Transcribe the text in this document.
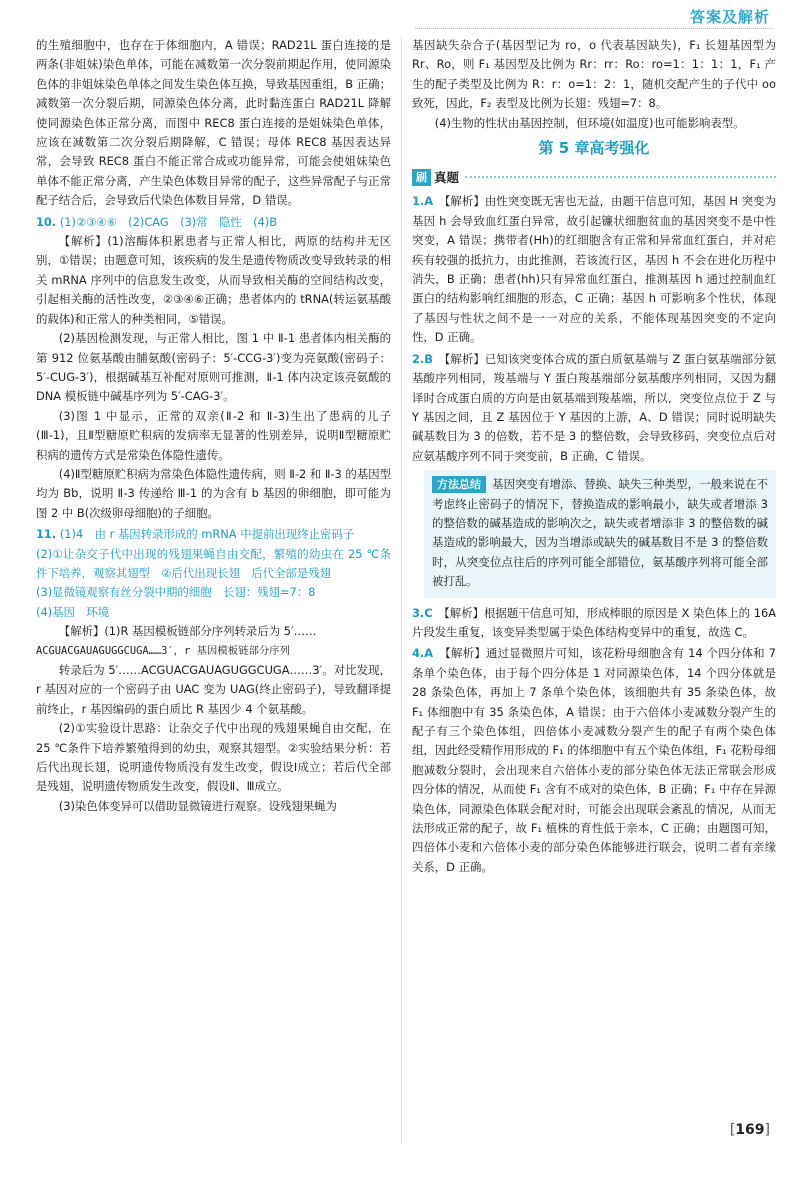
答案及解析

的生殖细胞中，也存在于体细胞内，A 错误；RAD21L 蛋白连接的是两条(非姐妹)染色单体，可能在减数第一次分裂前期起作用，使同源染色体的非姐妹染色单体之间发生染色体互换，导致基因重组，B 正确；减数第一次分裂后期，同源染色体分离，此时黏连蛋白 RAD21L 降解使同源染色体正常分离，而图中 REC8 蛋白连接的是姐妹染色单体，应该在减数第二次分裂后期降解，C 错误；母体 REC8 基因表达异常，会导致 REC8 蛋白不能正常合成或功能异常，可能会使姐妹染色单体不能正常分离，产生染色体数目异常的配子，这些异常配子与正常配子结合后，会导致后代染色体数目异常，D 错误。

10. (1)②③④⑥　(2)CAG　(3)常　隐性　(4)B

【解析】(1)溶酶体积累患者与正常人相比，两原的结构并无区别，①错误；由题意可知，该疾病的发生是遗传物质改变导致转录的相关 mRNA 序列中的信息发生改变，从而导致相关酶的空间结构改变，引起相关酶的活性改变，②③④⑥正确；患者体内的 tRNA(转运氨基酸的载体)和正常人的种类相同，⑤错误。

(2)基因检测发现，与正常人相比，图 1 中 Ⅱ-1 患者体内相关酶的第 912 位氨基酸由脯氨酸(密码子：5′-CCG-3′)变为亮氨酸(密码子：5′-CUG-3′)，根据碱基互补配对原则可推测，Ⅱ-1 体内决定该亮氨酸的 DNA 模板链中碱基序列为 5′-CAG-3′。

(3)图 1 中显示，正常的双亲(Ⅱ-2 和 Ⅱ-3)生出了患病的儿子(Ⅲ-1)，且Ⅱ型糖原贮积病的发病率无显著的性别差异，说明Ⅱ型糖原贮积病的遗传方式是常染色体隐性遗传。

(4)Ⅱ型糖原贮积病为常染色体隐性遗传病，则 Ⅱ-2 和 Ⅱ-3 的基因型均为 Bb，说明 Ⅱ-3 传递给 Ⅲ-1 的为含有 b 基因的卵细胞，即可能为图 2 中 B(次级卵母细胞)的子细胞。

11. (1)4　由 r 基因转录形成的 mRNA 中提前出现终止密码子

(2)①让杂交子代中出现的残翅果蝇自由交配，繁殖的幼虫在 25 ℃条件下培养，观察其翅型　②后代出现长翅　后代全部是残翅

(3)显微镜观察有丝分裂中期的细胞　长翅：残翅=7：8

(4)基因　环境

【解析】(1)R 基因模板链部分序列转录后为 5′……

ACGUACGAUAGUGGCUGA……3′，r 基因模板链部分序列

转录后为 5′……ACGUACGAUAGUGGCUGA……3′。对比发现，r 基因对应的一个密码子由 UAC 变为 UAG(终止密码子)，导致翻译提前终止，r 基因编码的蛋白质比 R 基因少 4 个氨基酸。

(2)①实验设计思路：让杂交子代中出现的残翅果蝇自由交配，在 25 ℃条件下培养繁殖得到的幼虫，观察其翅型。②实验结果分析：若后代出现长翅，说明遗传物质没有发生改变，假设Ⅰ成立；若后代全部是残翅，说明遗传物质发生改变，假设Ⅱ、Ⅲ成立。

(3)染色体变异可以借助显微镜进行观察。设残翅果蝇为

基因缺失杂合子(基因型记为 ro，o 代表基因缺失)，F₁ 长翅基因型为 Rr、Ro，则 F₁ 基因型及比例为 Rr：rr：Ro：ro=1：1：1：1，F₁ 产生的配子类型及比例为 R：r：o=1：2：1，随机交配产生的子代中 oo 致死，因此，F₂ 表型及比例为长翅：残翅=7：8。

(4)生物的性状由基因控制，但环境(如温度)也可能影响表型。

第 5 章高考强化
刷 真题

1.A　 【解析】由性突变既无害也无益，由题干信息可知，基因 H 突变为基因 h 会导致血红蛋白异常，故引起镰状细胞贫血的基因突变不是中性突变，A 错误；携带者(Hh)的红细胞含有正常和异常血红蛋白，并对疟疾有较强的抵抗力，由此推测，若该流行区，基因 h 不会在进化历程中消失，B 正确；患者(hh)只有异常血红蛋白，推测基因 h 通过控制血红蛋白的结构影响红细胞的形态，C 正确；基因 h 可影响多个性状，体现了基因与性状之间不是一一对应的关系，不能体现基因突变的不定向性，D 正确。

2.B　 【解析】已知该突变体合成的蛋白质氨基端与 Z 蛋白氨基端部分氨基酸序列相同，羧基端与 Y 蛋白羧基端部分氨基酸序列相同，又因为翻译时合成蛋白质的方向是由氨基端到羧基端，所以，突变位点位于 Z 与 Y 基因之间，且 Z 基因位于 Y 基因的上游，A、D 错误；同时说明缺失碱基数目为 3 的倍数，若不是 3 的整倍数，会导致移码，突变位点后对应氨基酸序列不同于突变前，B 正确，C 错误。

方法总结 基因突变有增添、替换、缺失三种类型，一般来说在不考虑终止密码子的情况下，替换造成的影响最小，缺失或者增添 3 的整倍数的碱基造成的影响次之，缺失或者增添非 3 的整倍数的碱基造成的影响最大，因为当增添或缺失的碱基数目不是 3 的整倍数时，从突变位点往后的序列可能全部错位，氨基酸序列将可能全部被打乱。

3.C　 【解析】根据题干信息可知，形成棒眼的原因是 X 染色体上的 16A 片段发生重复，该变异类型属于染色体结构变异中的重复，故选 C。

4.A　 【解析】通过显微照片可知，该花粉母细胞含有 14 个四分体和 7 条单个染色体，由于每个四分体是 1 对同源染色体，14 个四分体就是 28 条染色体，再加上 7 条单个染色体，该细胞共有 35 条染色体，故 F₁ 体细胞中有 35 条染色体，A 错误；由于六倍体小麦减数分裂产生的配子有三个染色体组，四倍体小麦减数分裂产生的配子有两个染色体组，因此经受精作用形成的 F₁ 的体细胞中有五个染色体组，F₁ 花粉母细胞减数分裂时，会出现来自六倍体小麦的部分染色体无法正常联会形成四分体的情况，从而使 F₁ 含有不成对的染色体，B 正确；F₁ 中存在异源染色体，同源染色体联会配对时，可能会出现联会紊乱的情况，从而无法形成正常的配子，故 F₁ 植株的育性低于亲本，C 正确；由题图可知，四倍体小麦和六倍体小麦的部分染色体能够进行联会，说明二者有亲缘关系，D 正确。

[169]
